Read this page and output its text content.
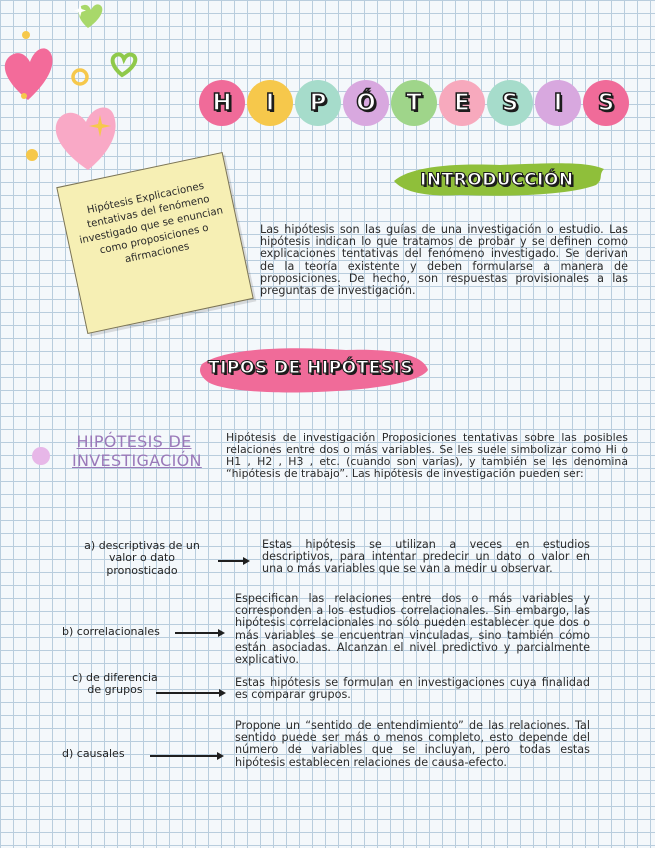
H	I	P	Ó	T	E	S	I	S
INTRODUCCIÓN
Hipótesis Explicaciones tentativas del fenómeno investigado que se enuncian como proposiciones o afirmaciones
Las hipótesis son las guías de una investigación o estudio. Las hipótesis indican lo que tratamos de probar y se definen como explicaciones tentativas del fenómeno investigado. Se derivan de la teoría existente y deben formularse a manera de proposiciones. De hecho, son respuestas provisionales a las preguntas de investigación.
TIPOS DE HIPÓTESIS
HIPÓTESIS DE INVESTIGACIÓN
Hipótesis de investigación Proposiciones tentativas sobre las posibles relaciones entre dos o más variables. Se les suele simbolizar como Hi o H1 , H2 , H3 , etc. (cuando son varias), y también se les denomina “hipótesis de trabajo”. Las hipótesis de investigación pueden ser:
a) descriptivas de un valor o dato pronosticado
Estas hipótesis se utilizan a veces en estudios descriptivos, para intentar predecir un dato o valor en una o más variables que se van a medir u observar.
b) correlacionales
Especifican las relaciones entre dos o más variables y corresponden a los estudios correlacionales. Sin embargo, las hipótesis correlacionales no sólo pueden establecer que dos o más variables se encuentran vinculadas, sino también cómo están asociadas. Alcanzan el nivel predictivo y parcialmente explicativo.
c) de diferencia de grupos
Estas hipótesis se formulan en investigaciones cuya finalidad es comparar grupos.
d) causales
Propone un “sentido de entendimiento” de las relaciones. Tal sentido puede ser más o menos completo, esto depende del número de variables que se incluyan, pero todas estas hipótesis establecen relaciones de causa-efecto.
